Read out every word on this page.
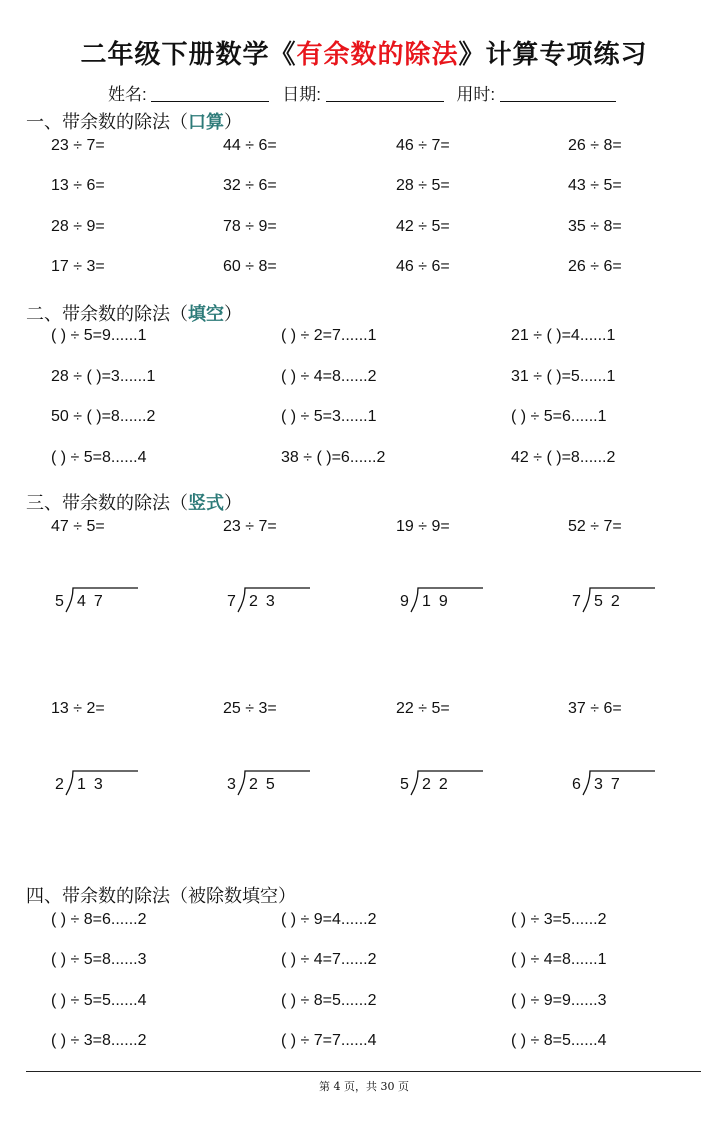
二年级下册数学《有余数的除法》计算专项练习
姓名:	日期:	用时:
一、带余数的除法（口算）
23 ÷ 7=	44 ÷ 6=	46 ÷ 7=	26 ÷ 8=
13 ÷ 6=	32 ÷ 6=	28 ÷ 5=	43 ÷ 5=
28 ÷ 9=	78 ÷ 9=	42 ÷ 5=	35 ÷ 8=
17 ÷ 3=	60 ÷ 8=	46 ÷ 6=	26 ÷ 6=
二、带余数的除法（填空）
( ) ÷ 5=9......1	( ) ÷ 2=7......1	21 ÷ ( )=4......1
28 ÷ ( )=3......1	( ) ÷ 4=8......2	31 ÷ ( )=5......1
50 ÷ ( )=8......2	( ) ÷ 5=3......1	( ) ÷ 5=6......1
( ) ÷ 5=8......4	38 ÷ ( )=6......2	42 ÷ ( )=8......2
三、带余数的除法（竖式）
47 ÷ 5=	23 ÷ 7=	19 ÷ 9=	52 ÷ 7=
5 47	7 23	9 19	7 52
13 ÷ 2=	25 ÷ 3=	22 ÷ 5=	37 ÷ 6=
2 13	3 25	5 22	6 37
四、带余数的除法（被除数填空）
( ) ÷ 8=6......2	( ) ÷ 9=4......2	( ) ÷ 3=5......2
( ) ÷ 5=8......3	( ) ÷ 4=7......2	( ) ÷ 4=8......1
( ) ÷ 5=5......4	( ) ÷ 8=5......2	( ) ÷ 9=9......3
( ) ÷ 3=8......2	( ) ÷ 7=7......4	( ) ÷ 8=5......4
第 4 页，共 30 页
